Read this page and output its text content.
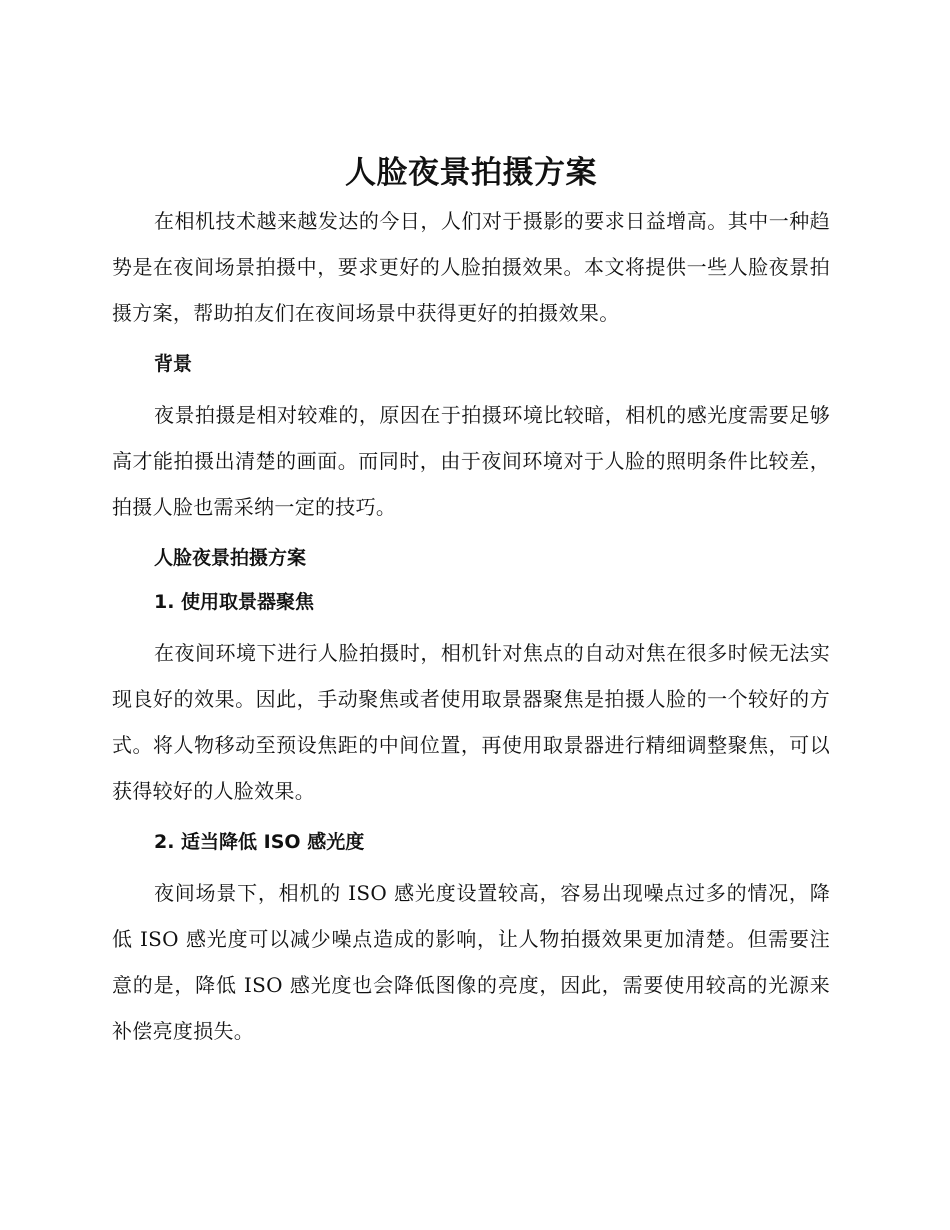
人脸夜景拍摄方案

在相机技术越来越发达的今日，人们对于摄影的要求日益增高。其中一种趋势是在夜间场景拍摄中，要求更好的人脸拍摄效果。本文将提供一些人脸夜景拍摄方案，帮助拍友们在夜间场景中获得更好的拍摄效果。

背景

夜景拍摄是相对较难的，原因在于拍摄环境比较暗，相机的感光度需要足够高才能拍摄出清楚的画面。而同时，由于夜间环境对于人脸的照明条件比较差，拍摄人脸也需采纳一定的技巧。

人脸夜景拍摄方案
1. 使用取景器聚焦

在夜间环境下进行人脸拍摄时，相机针对焦点的自动对焦在很多时候无法实现良好的效果。因此，手动聚焦或者使用取景器聚焦是拍摄人脸的一个较好的方式。将人物移动至预设焦距的中间位置，再使用取景器进行精细调整聚焦，可以获得较好的人脸效果。

2. 适当降低 ISO 感光度

夜间场景下，相机的 ISO 感光度设置较高，容易出现噪点过多的情况，降低 ISO 感光度可以减少噪点造成的影响，让人物拍摄效果更加清楚。但需要注意的是，降低 ISO 感光度也会降低图像的亮度，因此，需要使用较高的光源来补偿亮度损失。
